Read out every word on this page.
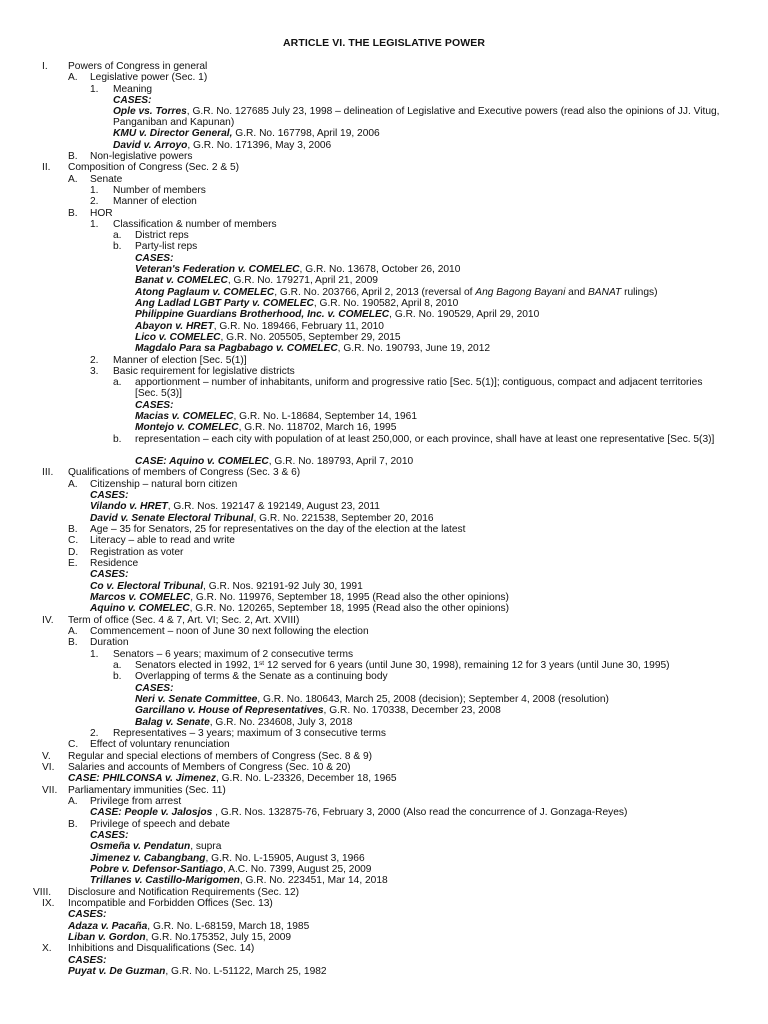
ARTICLE VI. THE LEGISLATIVE POWER
I. Powers of Congress in general
A. Legislative power (Sec. 1)
1. Meaning
CASES:
Ople vs. Torres, G.R. No. 127685 July 23, 1998 – delineation of Legislative and Executive powers (read also the opinions of JJ. Vitug, Panganiban and Kapunan)
KMU v. Director General, G.R. No. 167798, April 19, 2006
David v. Arroyo, G.R. No. 171396, May 3, 2006
B. Non-legislative powers
II. Composition of Congress (Sec. 2 & 5)
A. Senate
1. Number of members
2. Manner of election
B. HOR
1. Classification & number of members
a. District reps
b. Party-list reps
CASES:
Veteran's Federation v. COMELEC, G.R. No. 13678, October 26, 2010
Banat v. COMELEC, G.R. No. 179271, April 21, 2009
Atong Paglaum v. COMELEC, G.R. No. 203766, April 2, 2013 (reversal of Ang Bagong Bayani and BANAT rulings)
Ang Ladlad LGBT Party v. COMELEC, G.R. No. 190582, April 8, 2010
Philippine Guardians Brotherhood, Inc. v. COMELEC, G.R. No. 190529, April 29, 2010
Abayon v. HRET, G.R. No. 189466, February 11, 2010
Lico v. COMELEC, G.R. No. 205505, September 29, 2015
Magdalo Para sa Pagbabago v. COMELEC, G.R. No. 190793, June 19, 2012
2. Manner of election [Sec. 5(1)]
3. Basic requirement for legislative districts
a. apportionment – number of inhabitants, uniform and progressive ratio [Sec. 5(1)]; contiguous, compact and adjacent territories [Sec. 5(3)]
CASES:
Macias v. COMELEC, G.R. No. L-18684, September 14, 1961
Montejo v. COMELEC, G.R. No. 118702, March 16, 1995
b. representation – each city with population of at least 250,000, or each province, shall have at least one representative [Sec. 5(3)]
CASE: Aquino v. COMELEC, G.R. No. 189793, April 7, 2010
III. Qualifications of members of Congress (Sec. 3 & 6)
A. Citizenship – natural born citizen
CASES:
Vilando v. HRET, G.R. Nos. 192147 & 192149, August 23, 2011
David v. Senate Electoral Tribunal, G.R. No. 221538, September 20, 2016
B. Age – 35 for Senators, 25 for representatives on the day of the election at the latest
C. Literacy – able to read and write
D. Registration as voter
E. Residence
CASES:
Co v. Electoral Tribunal, G.R. Nos. 92191-92 July 30, 1991
Marcos v. COMELEC, G.R. No. 119976, September 18, 1995 (Read also the other opinions)
Aquino v. COMELEC, G.R. No. 120265, September 18, 1995 (Read also the other opinions)
IV. Term of office (Sec. 4 & 7, Art. VI; Sec. 2, Art. XVIII)
A. Commencement – noon of June 30 next following the election
B. Duration
1. Senators – 6 years; maximum of 2 consecutive terms
a. Senators elected in 1992, 1st 12 served for 6 years (until June 30, 1998), remaining 12 for 3 years (until June 30, 1995)
b. Overlapping of terms & the Senate as a continuing body
CASES:
Neri v. Senate Committee, G.R. No. 180643, March 25, 2008 (decision); September 4, 2008 (resolution)
Garcillano v. House of Representatives, G.R. No. 170338, December 23, 2008
Balag v. Senate, G.R. No. 234608, July 3, 2018
2. Representatives – 3 years; maximum of 3 consecutive terms
C. Effect of voluntary renunciation
V. Regular and special elections of members of Congress (Sec. 8 & 9)
VI. Salaries and accounts of Members of Congress (Sec. 10 & 20)
CASE: PHILCONSA v. Jimenez, G.R. No. L-23326, December 18, 1965
VII. Parliamentary immunities (Sec. 11)
A. Privilege from arrest
CASE: People v. Jalosjos , G.R. Nos. 132875-76, February 3, 2000 (Also read the concurrence of J. Gonzaga-Reyes)
B. Privilege of speech and debate
CASES:
Osmeña v. Pendatun, supra
Jimenez v. Cabangbang, G.R. No. L-15905, August 3, 1966
Pobre v. Defensor-Santiago, A.C. No. 7399, August 25, 2009
Trillanes v. Castillo-Marigomen, G.R. No. 223451, Mar 14, 2018
VIII. Disclosure and Notification Requirements (Sec. 12)
IX. Incompatible and Forbidden Offices (Sec. 13)
CASES:
Adaza v. Pacaña, G.R. No. L-68159, March 18, 1985
Liban v. Gordon, G.R. No.175352, July 15, 2009
X. Inhibitions and Disqualifications (Sec. 14)
CASES:
Puyat v. De Guzman, G.R. No. L-51122, March 25, 1982
